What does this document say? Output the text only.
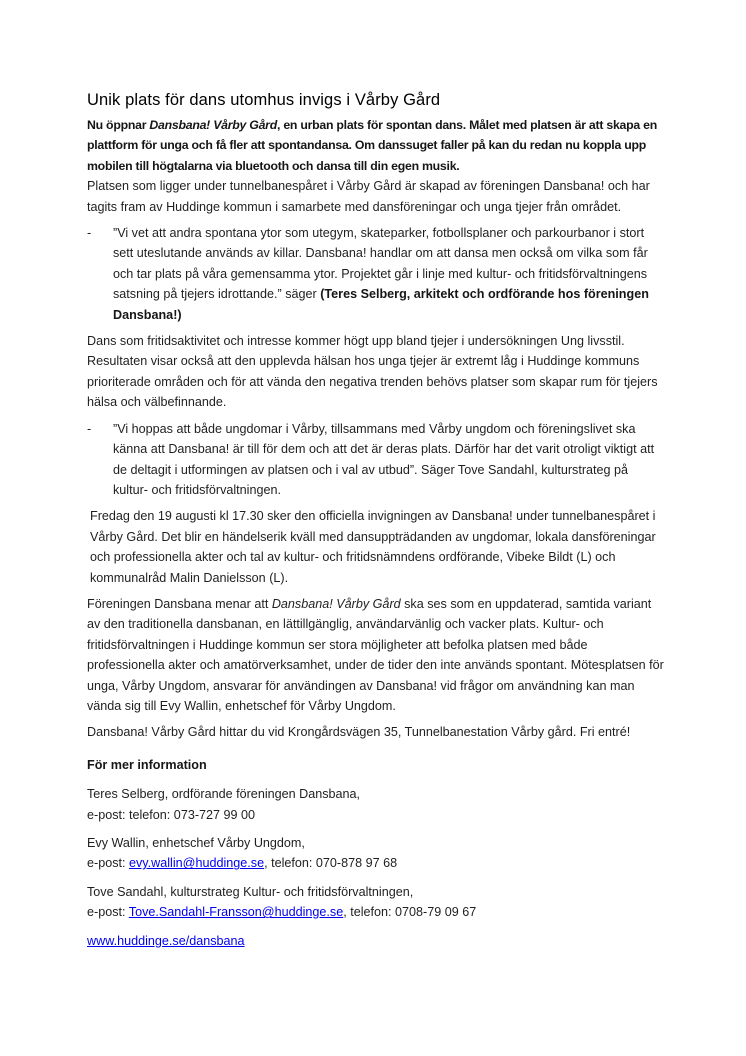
Unik plats för dans utomhus invigs i Vårby Gård

Nu öppnar Dansbana! Vårby Gård, en urban plats för spontan dans. Målet med platsen är att skapa en plattform för unga och få fler att spontandansa. Om danssuget faller på kan du redan nu koppla upp mobilen till högtalarna via bluetooth och dansa till din egen musik.

Platsen som ligger under tunnelbanespåret i Vårby Gård är skapad av föreningen Dansbana! och har tagits fram av Huddinge kommun i samarbete med dansföreningar och unga tjejer från området.

-	”Vi vet att andra spontana ytor som utegym, skateparker, fotbollsplaner och parkourbanor i stort sett uteslutande används av killar. Dansbana! handlar om att dansa men också om vilka som får och tar plats på våra gemensamma ytor. Projektet går i linje med kultur- och fritidsförvaltningens satsning på tjejers idrottande.” säger (Teres Selberg, arkitekt och ordförande hos föreningen Dansbana!)

Dans som fritidsaktivitet och intresse kommer högt upp bland tjejer i undersökningen Ung livsstil. Resultaten visar också att den upplevda hälsan hos unga tjejer är extremt låg i Huddinge kommuns prioriterade områden och för att vända den negativa trenden behövs platser som skapar rum för tjejers hälsa och välbefinnande.

-	”Vi hoppas att både ungdomar i Vårby, tillsammans med Vårby ungdom och föreningslivet ska känna att Dansbana! är till för dem och att det är deras plats. Därför har det varit otroligt viktigt att de deltagit i utformingen av platsen och i val av utbud”. Säger Tove Sandahl, kulturstrateg på kultur- och fritidsförvaltningen.

Fredag den 19 augusti kl 17.30 sker den officiella invigningen av Dansbana! under tunnelbanespåret i Vårby Gård. Det blir en händelserik kväll med dansuppträdanden av ungdomar, lokala dansföreningar och professionella akter och tal av kultur- och fritidsnämndens ordförande, Vibeke Bildt (L) och kommunalråd Malin Danielsson (L).

Föreningen Dansbana menar att Dansbana! Vårby Gård ska ses som en uppdaterad, samtida variant av den traditionella dansbanan, en lättillgänglig, användarvänlig och vacker plats. Kultur- och fritidsförvaltningen i Huddinge kommun ser stora möjligheter att befolka platsen med både professionella akter och amatörverksamhet, under de tider den inte används spontant. Mötesplatsen för unga, Vårby Ungdom, ansvarar för användingen av Dansbana! vid frågor om användning kan man vända sig till Evy Wallin, enhetschef för Vårby Ungdom.

Dansbana! Vårby Gård hittar du vid Krongårdsvägen 35, Tunnelbanestation Vårby gård. Fri entré!

För mer information

Teres Selberg, ordförande föreningen Dansbana,
e-post: telefon: 073-727 99 00

Evy Wallin, enhetschef Vårby Ungdom,
e-post: evy.wallin@huddinge.se, telefon: 070-878 97 68

Tove Sandahl, kulturstrateg Kultur- och fritidsförvaltningen,
e-post: Tove.Sandahl-Fransson@huddinge.se, telefon: 0708-79 09 67

www.huddinge.se/dansbana
